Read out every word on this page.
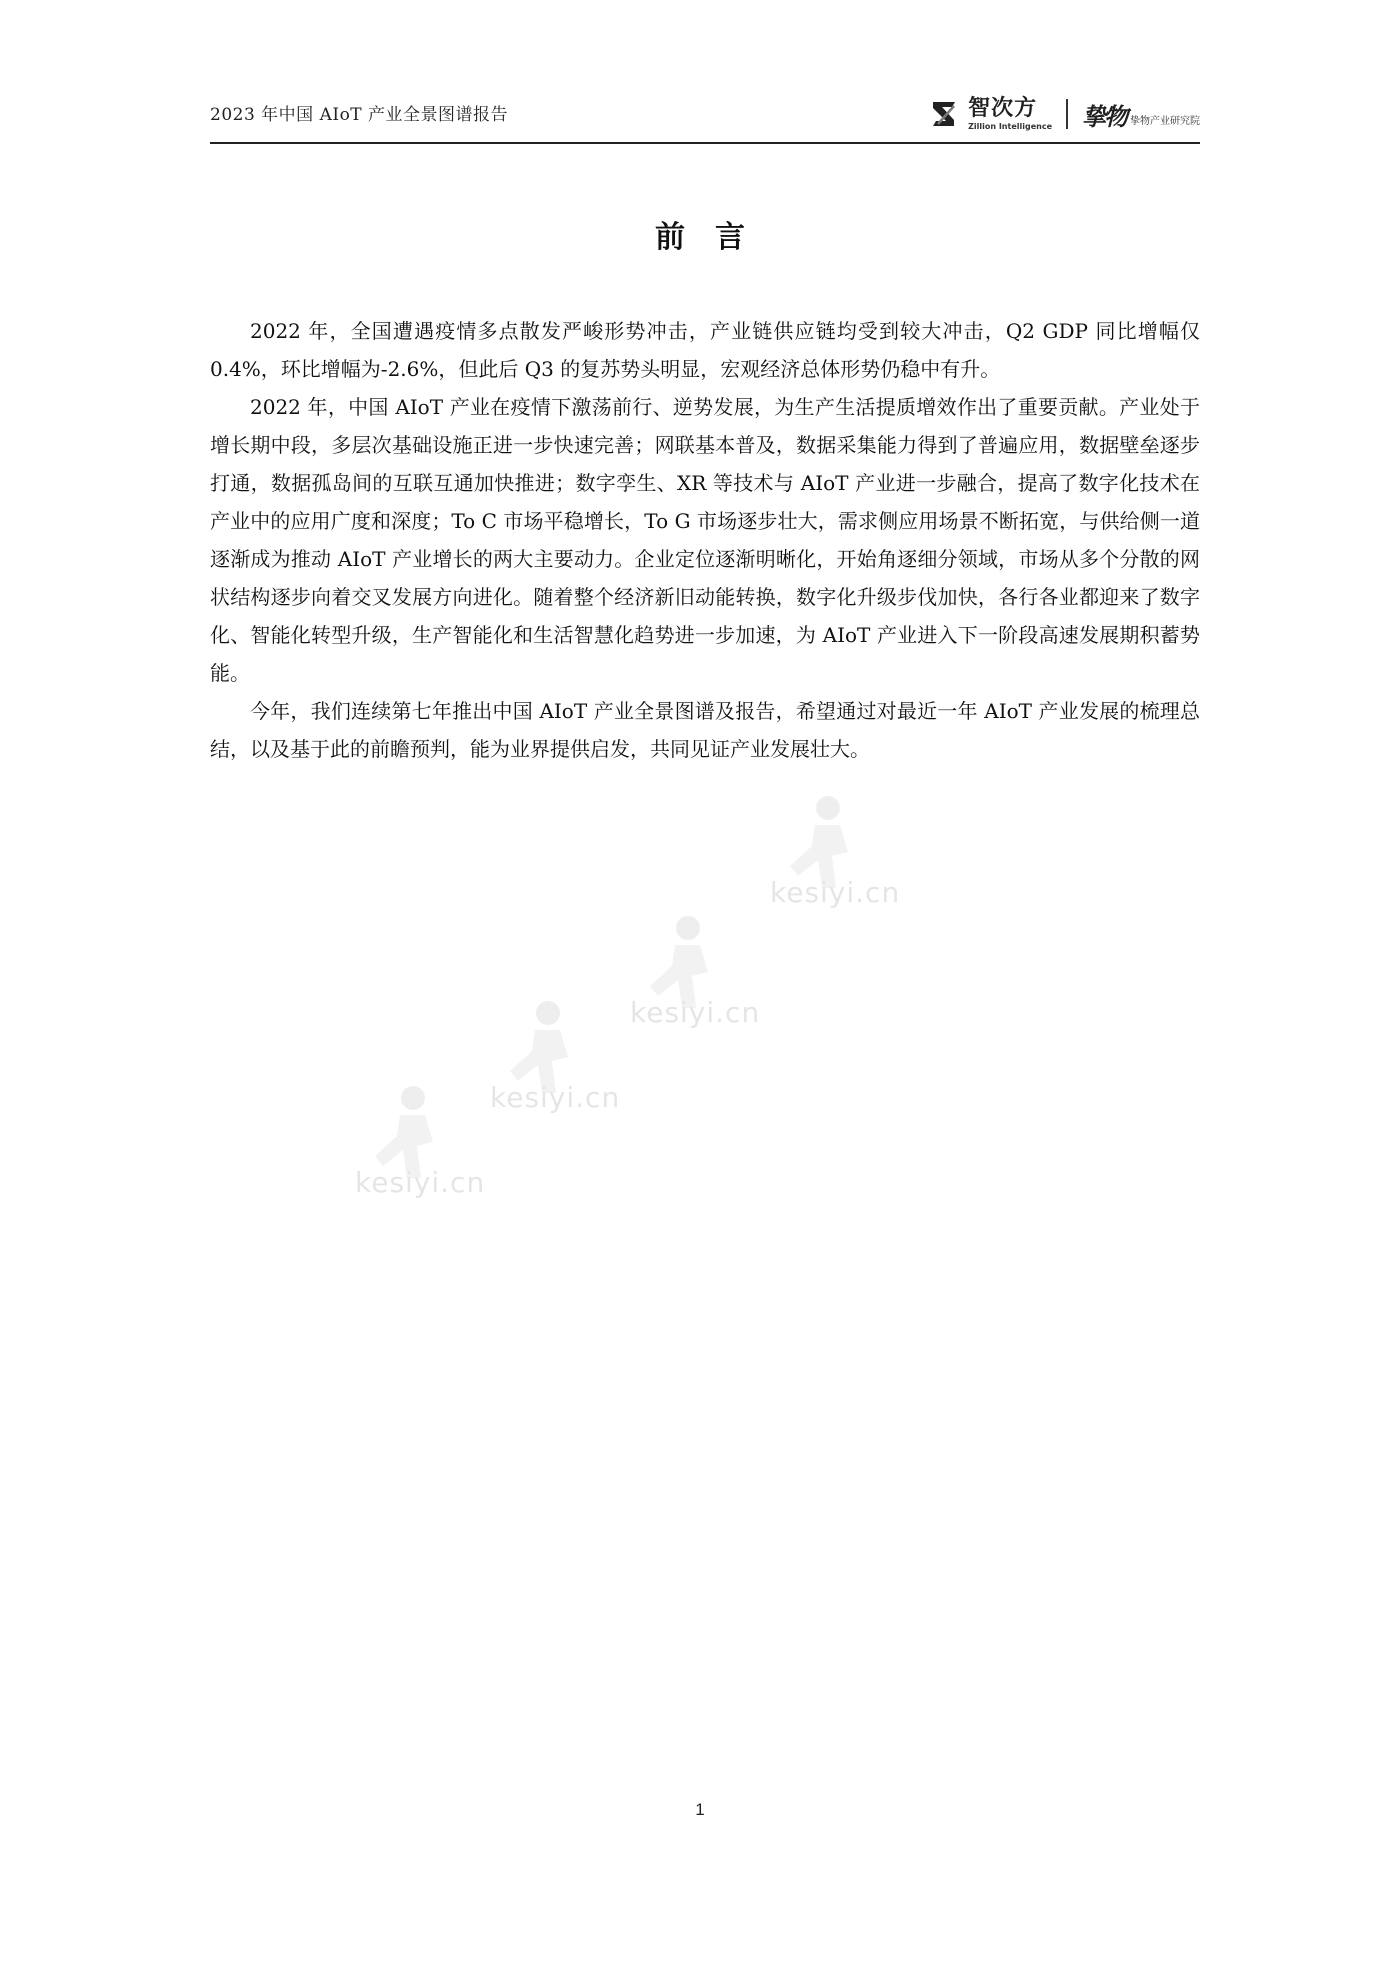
2023 年中国 AIoT 产业全景图谱报告	智次方
Zillion Intelligence 挚物 挚物产业研究院
前言

2022 年，全国遭遇疫情多点散发严峻形势冲击，产业链供应链均受到较大冲击，Q2 GDP 同比增幅仅 0.4%，环比增幅为-2.6%，但此后 Q3 的复苏势头明显，宏观经济总体形势仍稳中有升。

2022 年，中国 AIoT 产业在疫情下激荡前行、逆势发展，为生产生活提质增效作出了重要贡献。产业处于增长期中段，多层次基础设施正进一步快速完善；网联基本普及，数据采集能力得到了普遍应用，数据壁垒逐步打通，数据孤岛间的互联互通加快推进；数字孪生、XR 等技术与 AIoT 产业进一步融合，提高了数字化技术在产业中的应用广度和深度；To C 市场平稳增长，To G 市场逐步壮大，需求侧应用场景不断拓宽，与供给侧一道逐渐成为推动 AIoT 产业增长的两大主要动力。企业定位逐渐明晰化，开始角逐细分领域，市场从多个分散的网状结构逐步向着交叉发展方向进化。随着整个经济新旧动能转换，数字化升级步伐加快，各行各业都迎来了数字化、智能化转型升级，生产智能化和生活智慧化趋势进一步加速，为 AIoT 产业进入下一阶段高速发展期积蓄势能。

今年，我们连续第七年推出中国 AIoT 产业全景图谱及报告，希望通过对最近一年 AIoT 产业发展的梳理总结，以及基于此的前瞻预判，能为业界提供启发，共同见证产业发展壮大。

kesiyi.cn
kesiyi.cn
kesiyi.cn
kesiyi.cn
1
